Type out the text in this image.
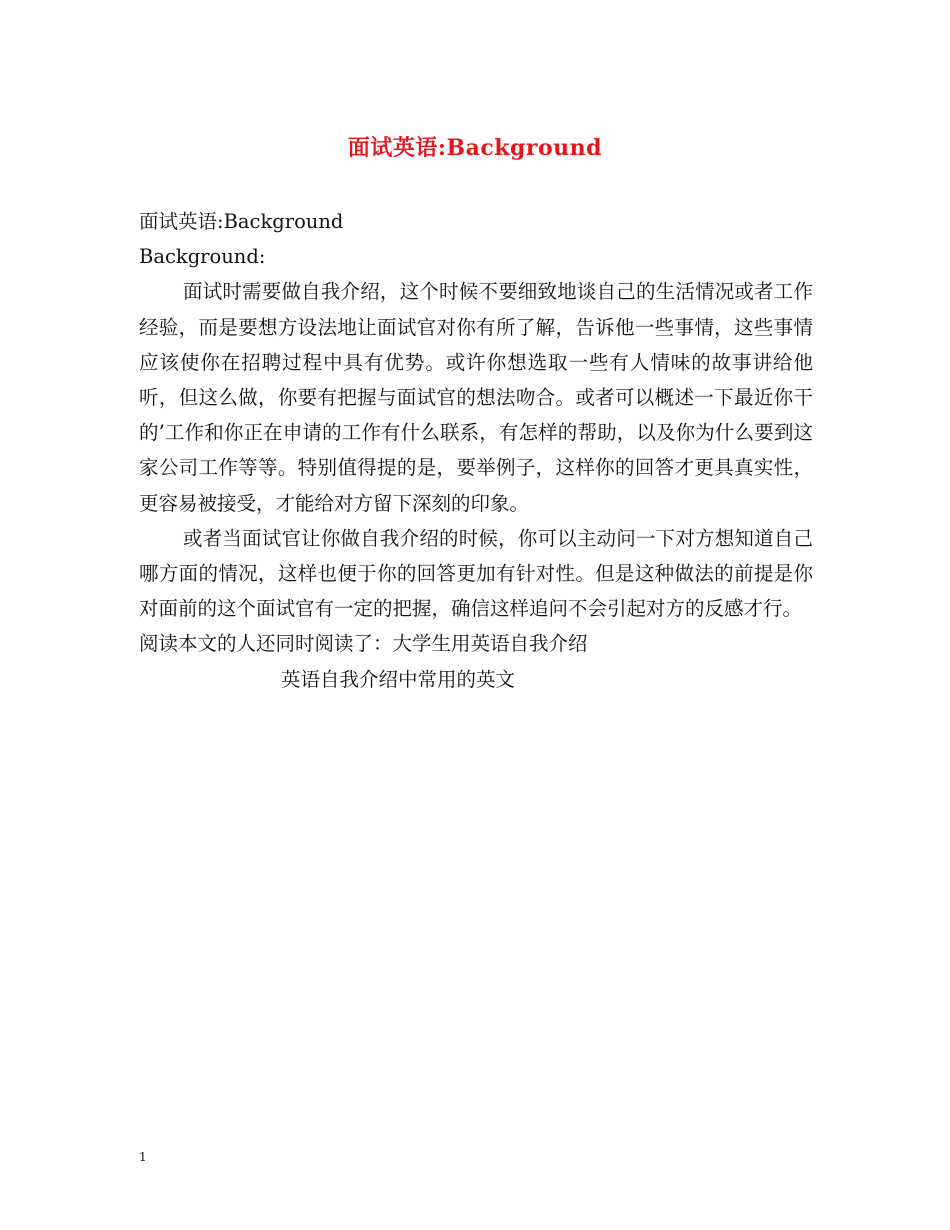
面试英语:Background
面试英语:Background
Background:

面试时需要做自我介绍，这个时候不要细致地谈自己的生活情况或者工作经验，而是要想方设法地让面试官对你有所了解，告诉他一些事情，这些事情应该使你在招聘过程中具有优势。或许你想选取一些有人情味的故事讲给他听，但这么做，你要有把握与面试官的想法吻合。或者可以概述一下最近你干的’工作和你正在申请的工作有什么联系，有怎样的帮助，以及你为什么要到这家公司工作等等。特别值得提的是，要举例子，这样你的回答才更具真实性，更容易被接受，才能给对方留下深刻的印象。

或者当面试官让你做自我介绍的时候，你可以主动问一下对方想知道自己哪方面的情况，这样也便于你的回答更加有针对性。但是这种做法的前提是你对面前的这个面试官有一定的把握，确信这样追问不会引起对方的反感才行。

阅读本文的人还同时阅读了：大学生用英语自我介绍
英语自我介绍中常用的英文
1
